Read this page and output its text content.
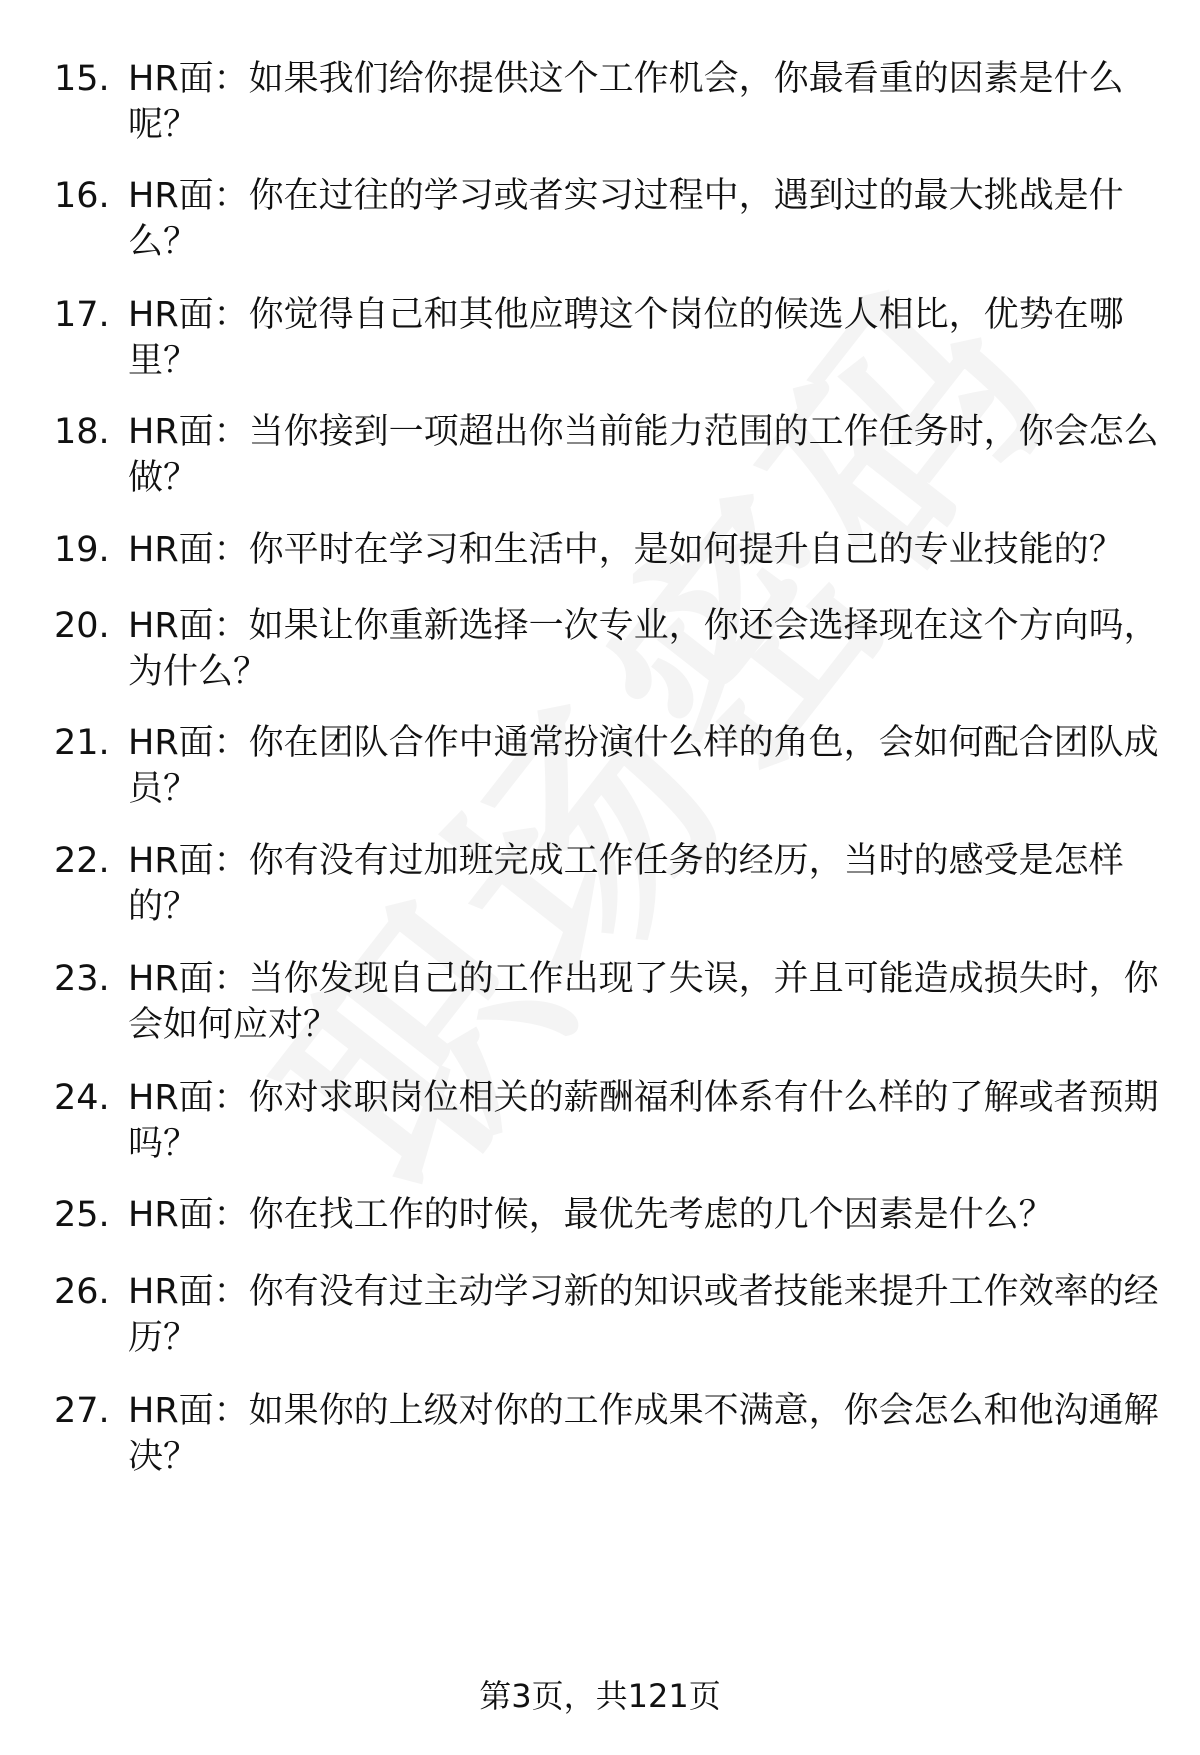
15. HR面：如果我们给你提供这个工作机会，你最看重的因素是什么呢？
16. HR面：你在过往的学习或者实习过程中，遇到过的最大挑战是什么？
17. HR面：你觉得自己和其他应聘这个岗位的候选人相比，优势在哪里？
18. HR面：当你接到一项超出你当前能力范围的工作任务时，你会怎么做？
19. HR面：你平时在学习和生活中，是如何提升自己的专业技能的？
20. HR面：如果让你重新选择一次专业，你还会选择现在这个方向吗，为什么？
21. HR面：你在团队合作中通常扮演什么样的角色，会如何配合团队成员？
22. HR面：你有没有过加班完成工作任务的经历，当时的感受是怎样的？
23. HR面：当你发现自己的工作出现了失误，并且可能造成损失时，你会如何应对？
24. HR面：你对求职岗位相关的薪酬福利体系有什么样的了解或者预期吗？
25. HR面：你在找工作的时候，最优先考虑的几个因素是什么？
26. HR面：你有没有过主动学习新的知识或者技能来提升工作效率的经历？
27. HR面：如果你的上级对你的工作成果不满意，你会怎么和他沟通解决？
第3页，共121页
